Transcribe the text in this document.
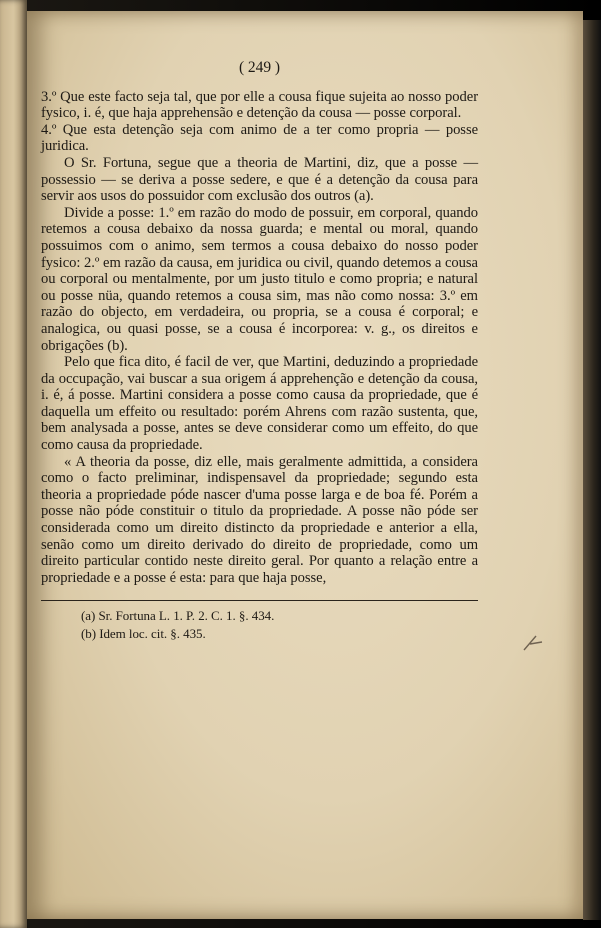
( 249 )

3.º Que este facto seja tal, que por elle a cousa fique sujeita ao nosso poder fysico, i. é, que haja apprehensão e detenção da cousa — posse corporal.

4.º Que esta detenção seja com animo de a ter como propria — posse juridica.

O Sr. Fortuna, segue que a theoria de Martini, diz, que a posse — possessio — se deriva a posse sedere, e que é a detenção da cousa para servir aos usos do possuidor com exclusão dos outros (a).

Divide a posse: 1.º em razão do modo de possuir, em corporal, quando retemos a cousa debaixo da nossa guarda; e mental ou moral, quando possuimos com o animo, sem termos a cousa debaixo do nosso poder fysico: 2.º em razão da causa, em juridica ou civil, quando detemos a cousa ou corporal ou mentalmente, por um justo titulo e como propria; e natural ou posse nüa, quando retemos a cousa sim, mas não como nossa: 3.º em razão do objecto, em verdadeira, ou propria, se a cousa é corporal; e analogica, ou quasi posse, se a cousa é incorporea: v. g., os direitos e obrigações (b).

Pelo que fica dito, é facil de ver, que Martini, deduzindo a propriedade da occupação, vai buscar a sua origem á apprehenção e detenção da cousa, i. é, á posse. Martini considera a posse como causa da propriedade, que é daquella um effeito ou resultado: porém Ahrens com razão sustenta, que, bem analysada a posse, antes se deve considerar como um effeito, do que como causa da propriedade.

« A theoria da posse, diz elle, mais geralmente admittida, a considera como o facto preliminar, indispensavel da propriedade; segundo esta theoria a propriedade póde nascer d'uma posse larga e de boa fé. Porém a posse não póde constituir o titulo da propriedade. A posse não póde ser considerada como um direito distincto da propriedade e anterior a ella, senão como um direito derivado do direito de propriedade, como um direito particular contido neste direito geral. Por quanto a relação entre a propriedade e a posse é esta: para que haja posse,

(a) Sr. Fortuna L. 1. P. 2. C. 1. §. 434.

(b) Idem loc. cit. §. 435.
